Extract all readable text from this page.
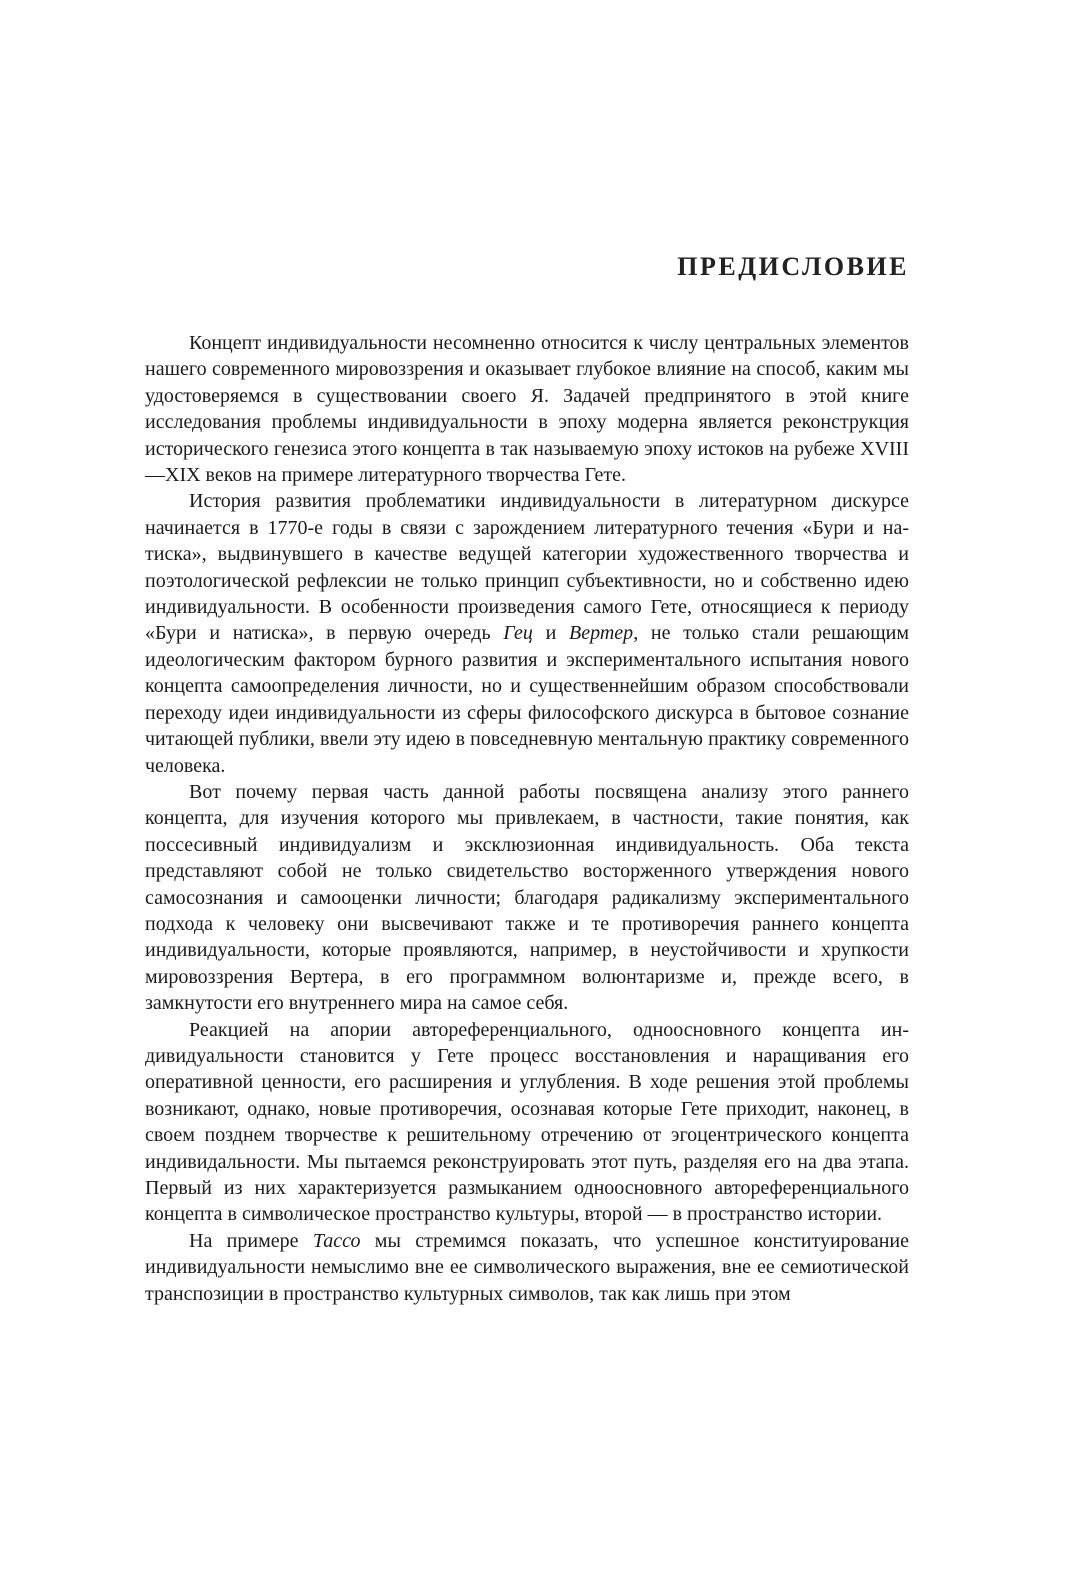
ПРЕДИСЛОВИЕ

Концепт индивидуальности несомненно относится к числу центральных элементов нашего современного мировоззрения и оказывает глубокое влияние на способ, каким мы удостоверяемся в существовании своего Я. Задачей предпринятого в этой книге исследования проблемы индивидуальности в эпоху модерна является реконструкция исторического генезиса этого концепта в так называемую эпоху истоков на рубеже XVIII—XIX веков на примере литературного творчества Гете.

История развития проблематики индивидуальности в литературном дискурсе начинается в 1770-е годы в связи с зарождением литературного течения «Бури и натиска», выдвинувшего в качестве ведущей категории художественного творчества и поэтологической рефлексии не только принцип субъективности, но и собственно идею индивидуальности. В особенности произведения самого Гете, относящиеся к периоду «Бури и натиска», в первую очередь Гец и Вертер, не только стали решающим идеологическим фактором бурного развития и экспериментального испытания нового концепта самоопределения личности, но и существеннейшим образом способствовали переходу идеи индивидуальности из сферы философского дискурса в бытовое сознание читающей публики, ввели эту идею в повседневную ментальную практику современного человека.

Вот почему первая часть данной работы посвящена анализу этого раннего концепта, для изучения которого мы привлекаем, в частности, такие понятия, как поссесивный индивидуализм и эксклюзионная индивидуальность. Оба текста представляют собой не только свидетельство восторженного утверждения нового самосознания и самооценки личности; благодаря радикализму экспериментального подхода к человеку они высвечивают также и те противоречия раннего концепта индивидуальности, которые проявляются, например, в неустойчивости и хрупкости мировоззрения Вертера, в его программном волюнтаризме и, прежде всего, в замкнутости его внутреннего мира на самое себя.

Реакцией на апории автореференциального, одноосновного концепта индивидуальности становится у Гете процесс восстановления и наращивания его оперативной ценности, его расширения и углубления. В ходе решения этой проблемы возникают, однако, новые противоречия, осознавая которые Гете приходит, наконец, в своем позднем творчестве к решительному отречению от эгоцентрического концепта индивидальности. Мы пытаемся реконструировать этот путь, разделяя его на два этапа. Первый из них характеризуется размыканием одноосновного автореференциального концепта в символическое пространство культуры, второй — в пространство истории.

На примере Тассо мы стремимся показать, что успешное конституирование индивидуальности немыслимо вне ее символического выражения, вне ее семиотической транспозиции в пространство культурных символов, так как лишь при этом
